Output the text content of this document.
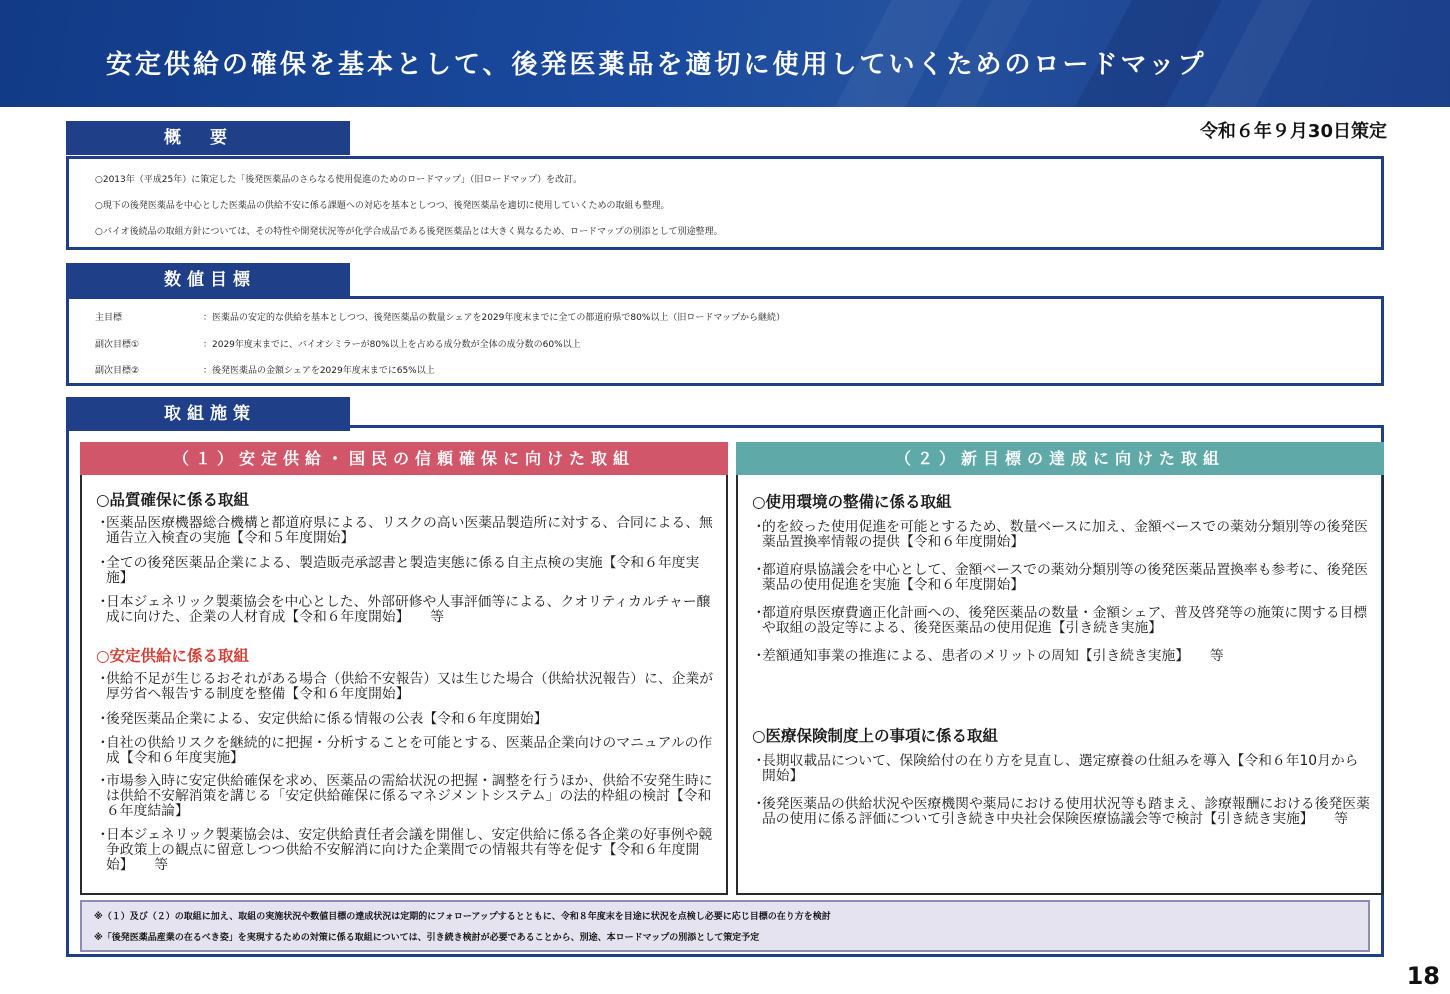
安定供給の確保を基本として、後発医薬品を適切に使用していくためのロードマップ
令和６年９月30日策定
概　要
○2013年（平成25年）に策定した「後発医薬品のさらなる使用促進のためのロードマップ」（旧ロードマップ）を改訂。
○現下の後発医薬品を中心とした医薬品の供給不安に係る課題への対応を基本としつつ、後発医薬品を適切に使用していくための取組も整理。
○バイオ後続品の取組方針については、その特性や開発状況等が化学合成品である後発医薬品とは大きく異なるため、ロードマップの別添として別途整理。
数値目標
主目標	：医薬品の安定的な供給を基本としつつ、後発医薬品の数量シェアを2029年度末までに全ての都道府県で80%以上（旧ロードマップから継続）
副次目標①	：2029年度末までに、バイオシミラーが80%以上を占める成分数が全体の成分数の60%以上
副次目標②	：後発医薬品の金額シェアを2029年度末までに65%以上
取組施策
（１）安定供給・国民の信頼確保に向けた取組
○品質確保に係る取組
・
医薬品医療機器総合機構と都道府県による、リスクの高い医薬品製造所に対する、合同による、無通告立入検査の実施【令和５年度開始】
・
全ての後発医薬品企業による、製造販売承認書と製造実態に係る自主点検の実施【令和６年度実施】
・
日本ジェネリック製薬協会を中心とした、外部研修や人事評価等による、クオリティカルチャー醸成に向けた、企業の人材育成【令和６年度開始】　　等
○安定供給に係る取組
・
供給不足が生じるおそれがある場合（供給不安報告）又は生じた場合（供給状況報告）に、企業が厚労省へ報告する制度を整備【令和６年度開始】
・
後発医薬品企業による、安定供給に係る情報の公表【令和６年度開始】
・
自社の供給リスクを継続的に把握・分析することを可能とする、医薬品企業向けのマニュアルの作成【令和６年度実施】
・
市場参入時に安定供給確保を求め、医薬品の需給状況の把握・調整を行うほか、供給不安発生時には供給不安解消策を講じる「安定供給確保に係るマネジメントシステム」の法的枠組の検討【令和６年度結論】
・
日本ジェネリック製薬協会は、安定供給責任者会議を開催し、安定供給に係る各企業の好事例や競争政策上の観点に留意しつつ供給不安解消に向けた企業間での情報共有等を促す【令和６年度開始】　　等
（２）新目標の達成に向けた取組
○使用環境の整備に係る取組
・
的を絞った使用促進を可能とするため、数量ベースに加え、金額ベースでの薬効分類別等の後発医薬品置換率情報の提供【令和６年度開始】
・
都道府県協議会を中心として、金額ベースでの薬効分類別等の後発医薬品置換率も参考に、後発医薬品の使用促進を実施【令和６年度開始】
・
都道府県医療費適正化計画への、後発医薬品の数量・金額シェア、普及啓発等の施策に関する目標や取組の設定等による、後発医薬品の使用促進【引き続き実施】
・
差額通知事業の推進による、患者のメリットの周知【引き続き実施】　　等
○医療保険制度上の事項に係る取組
・
長期収載品について、保険給付の在り方を見直し、選定療養の仕組みを導入【令和６年10月から開始】
・
後発医薬品の供給状況や医療機関や薬局における使用状況等も踏まえ、診療報酬における後発医薬品の使用に係る評価について引き続き中央社会保険医療協議会等で検討【引き続き実施】　　等
※（１）及び（２）の取組に加え、取組の実施状況や数値目標の達成状況は定期的にフォローアップするとともに、令和８年度末を目途に状況を点検し必要に応じ目標の在り方を検討
※「後発医薬品産業の在るべき姿」を実現するための対策に係る取組については、引き続き検討が必要であることから、別途、本ロードマップの別添として策定予定
18
